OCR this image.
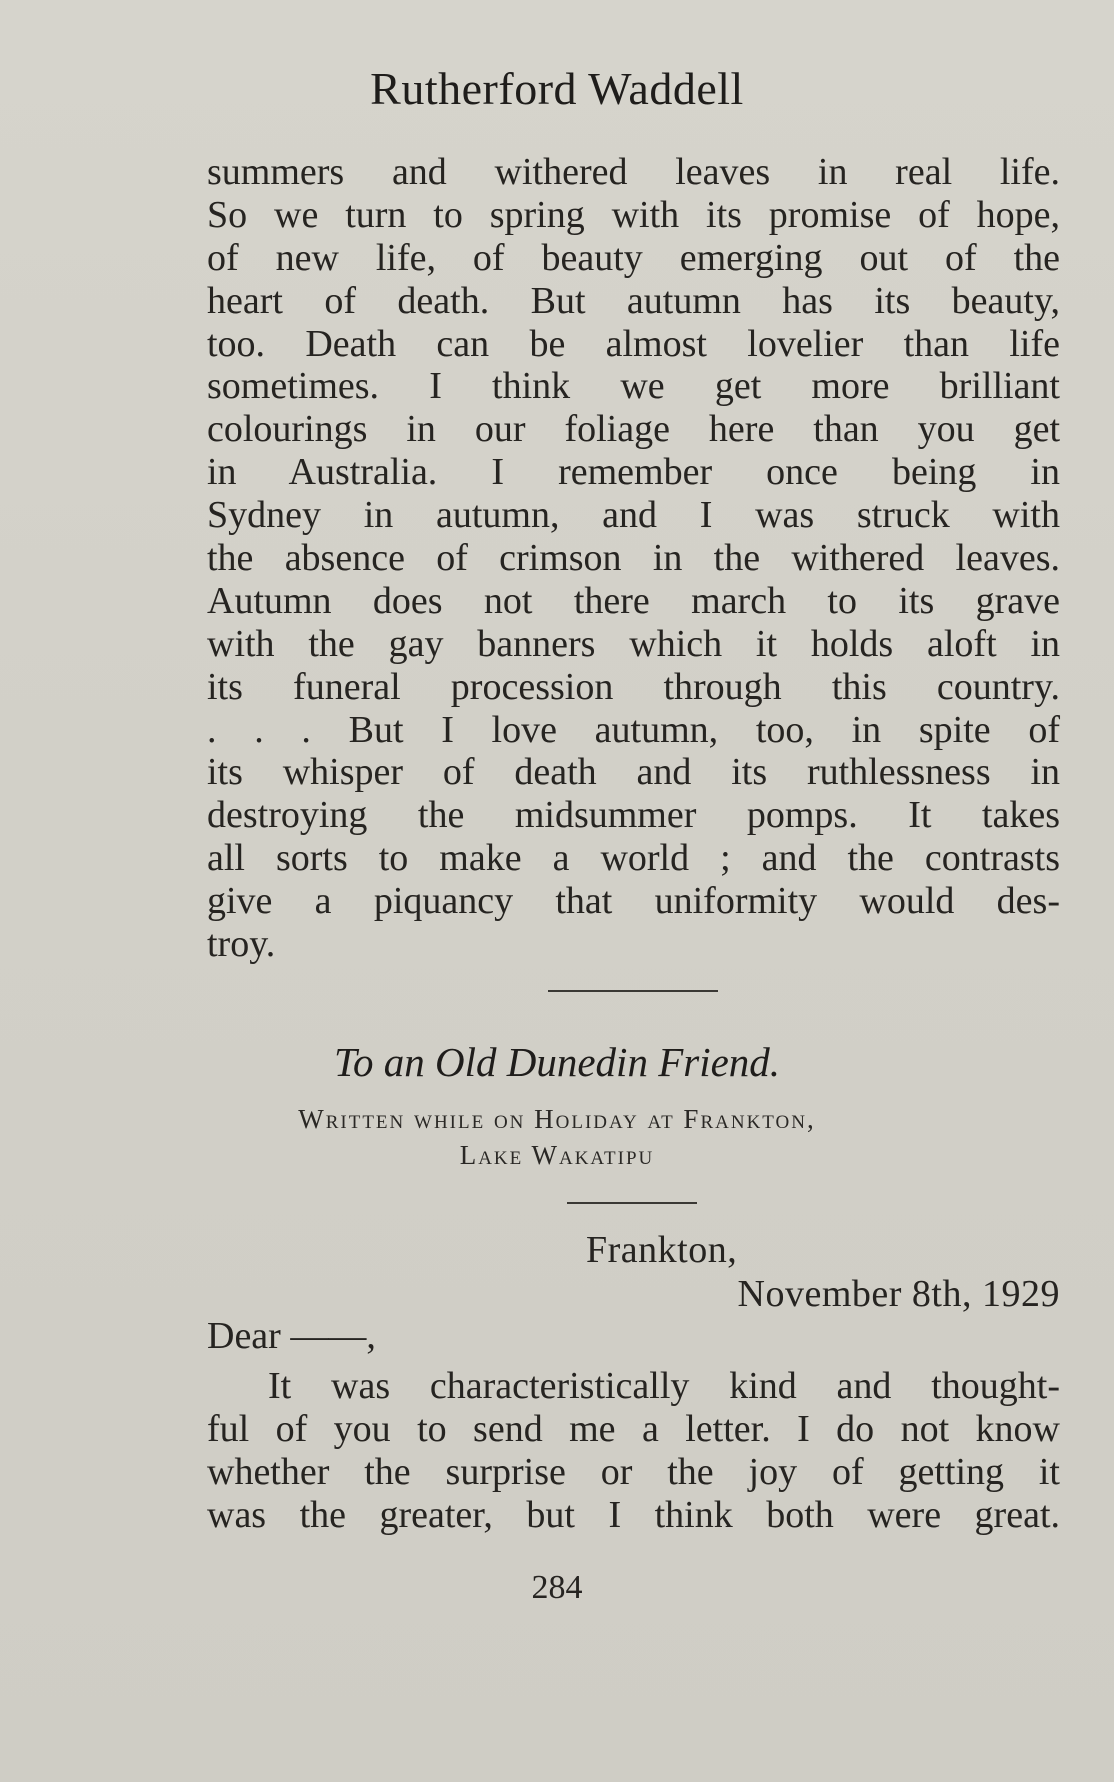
Rutherford Waddell
summers and withered leaves in real life.
So we turn to spring with its promise of hope,
of new life, of beauty emerging out of the
heart of death. But autumn has its beauty,
too. Death can be almost lovelier than life
sometimes. I think we get more brilliant
colourings in our foliage here than you get
in Australia. I remember once being in
Sydney in autumn, and I was struck with
the absence of crimson in the withered leaves.
Autumn does not there march to its grave
with the gay banners which it holds aloft in
its funeral procession through this country.
. . . But I love autumn, too, in spite of
its whisper of death and its ruthlessness in
destroying the midsummer pomps. It takes
all sorts to make a world ; and the contrasts
give a piquancy that uniformity would des-
troy.
To an Old Dunedin Friend.
Written while on Holiday at Frankton,
Lake Wakatipu
Frankton,
November 8th, 1929
Dear ——,
It was characteristically kind and thought-
ful of you to send me a letter. I do not know
whether the surprise or the joy of getting it
was the greater, but I think both were great.
284
